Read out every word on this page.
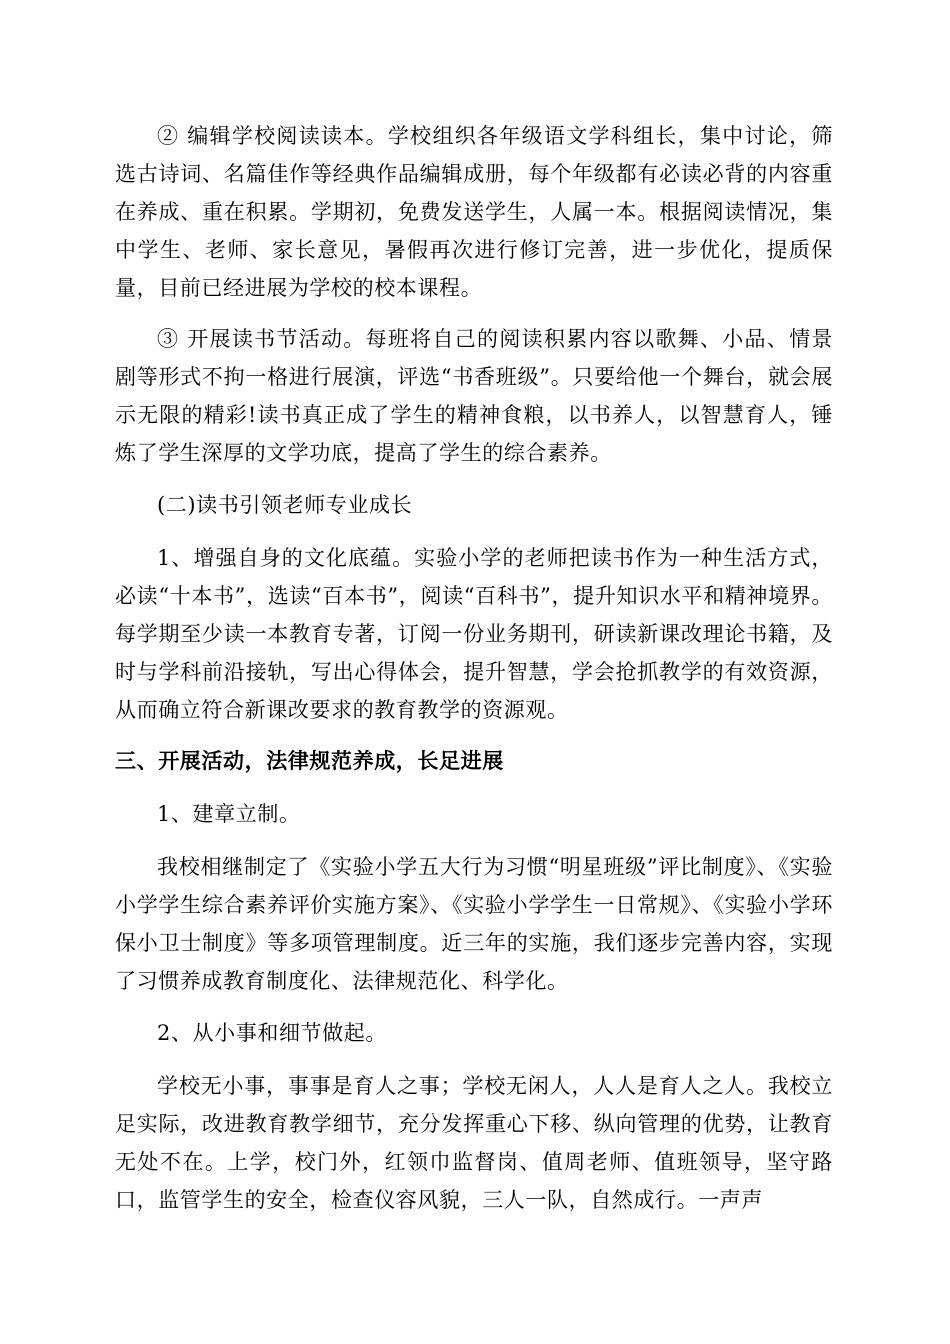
② 编辑学校阅读读本。学校组织各年级语文学科组长，集中讨论，筛选古诗词、名篇佳作等经典作品编辑成册，每个年级都有必读必背的内容重在养成、重在积累。学期初，免费发送学生，人属一本。根据阅读情况，集中学生、老师、家长意见，暑假再次进行修订完善，进一步优化，提质保量，目前已经进展为学校的校本课程。

③ 开展读书节活动。每班将自己的阅读积累内容以歌舞、小品、情景剧等形式不拘一格进行展演，评选“书香班级”。只要给他一个舞台，就会展示无限的精彩!读书真正成了学生的精神食粮，以书养人，以智慧育人，锤炼了学生深厚的文学功底，提高了学生的综合素养。

(二)读书引领老师专业成长

1、增强自身的文化底蕴。实验小学的老师把读书作为一种生活方式，必读“十本书”，选读“百本书”，阅读“百科书”，提升知识水平和精神境界。每学期至少读一本教育专著，订阅一份业务期刊，研读新课改理论书籍，及时与学科前沿接轨，写出心得体会，提升智慧，学会抢抓教学的有效资源，从而确立符合新课改要求的教育教学的资源观。

三、开展活动，法律规范养成，长足进展

1、建章立制。

我校相继制定了《实验小学五大行为习惯“明星班级”评比制度》、《实验小学学生综合素养评价实施方案》、《实验小学学生一日常规》、《实验小学环保小卫士制度》等多项管理制度。近三年的实施，我们逐步完善内容，实现了习惯养成教育制度化、法律规范化、科学化。

2、从小事和细节做起。

学校无小事，事事是育人之事；学校无闲人，人人是育人之人。我校立足实际，改进教育教学细节，充分发挥重心下移、纵向管理的优势，让教育无处不在。上学，校门外，红领巾监督岗、值周老师、值班领导，坚守路口，监管学生的安全，检查仪容风貌，三人一队，自然成行。一声声
